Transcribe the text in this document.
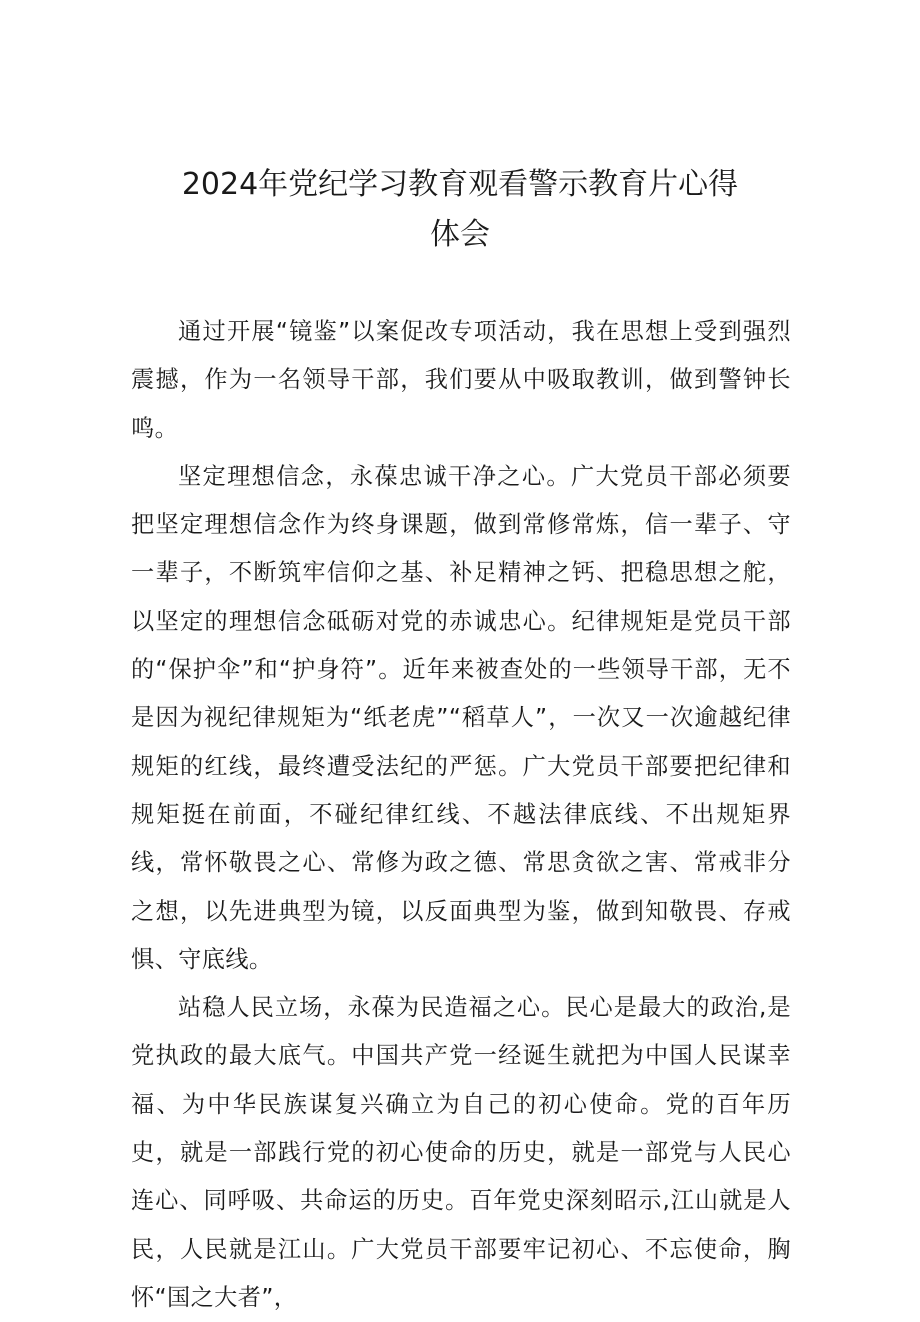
2024年党纪学习教育观看警示教育片心得
体会

通过开展“镜鉴”以案促改专项活动，我在思想上受到强烈震撼，作为一名领导干部，我们要从中吸取教训，做到警钟长鸣。

坚定理想信念，永葆忠诚干净之心。广大党员干部必须要把坚定理想信念作为终身课题，做到常修常炼，信一辈子、守一辈子，不断筑牢信仰之基、补足精神之钙、把稳思想之舵，以坚定的理想信念砥砺对党的赤诚忠心。纪律规矩是党员干部的“保护伞”和“护身符”。近年来被查处的一些领导干部，无不是因为视纪律规矩为“纸老虎”“稻草人”，一次又一次逾越纪律规矩的红线，最终遭受法纪的严惩。广大党员干部要把纪律和规矩挺在前面，不碰纪律红线、不越法律底线、不出规矩界线，常怀敬畏之心、常修为政之德、常思贪欲之害、常戒非分之想，以先进典型为镜，以反面典型为鉴，做到知敬畏、存戒惧、守底线。

站稳人民立场，永葆为民造福之心。民心是最大的政治,是党执政的最大底气。中国共产党一经诞生就把为中国人民谋幸福、为中华民族谋复兴确立为自己的初心使命。党的百年历史，就是一部践行党的初心使命的历史，就是一部党与人民心连心、同呼吸、共命运的历史。百年党史深刻昭示,江山就是人民，人民就是江山。广大党员干部要牢记初心、不忘使命，胸怀“国之大者”，
